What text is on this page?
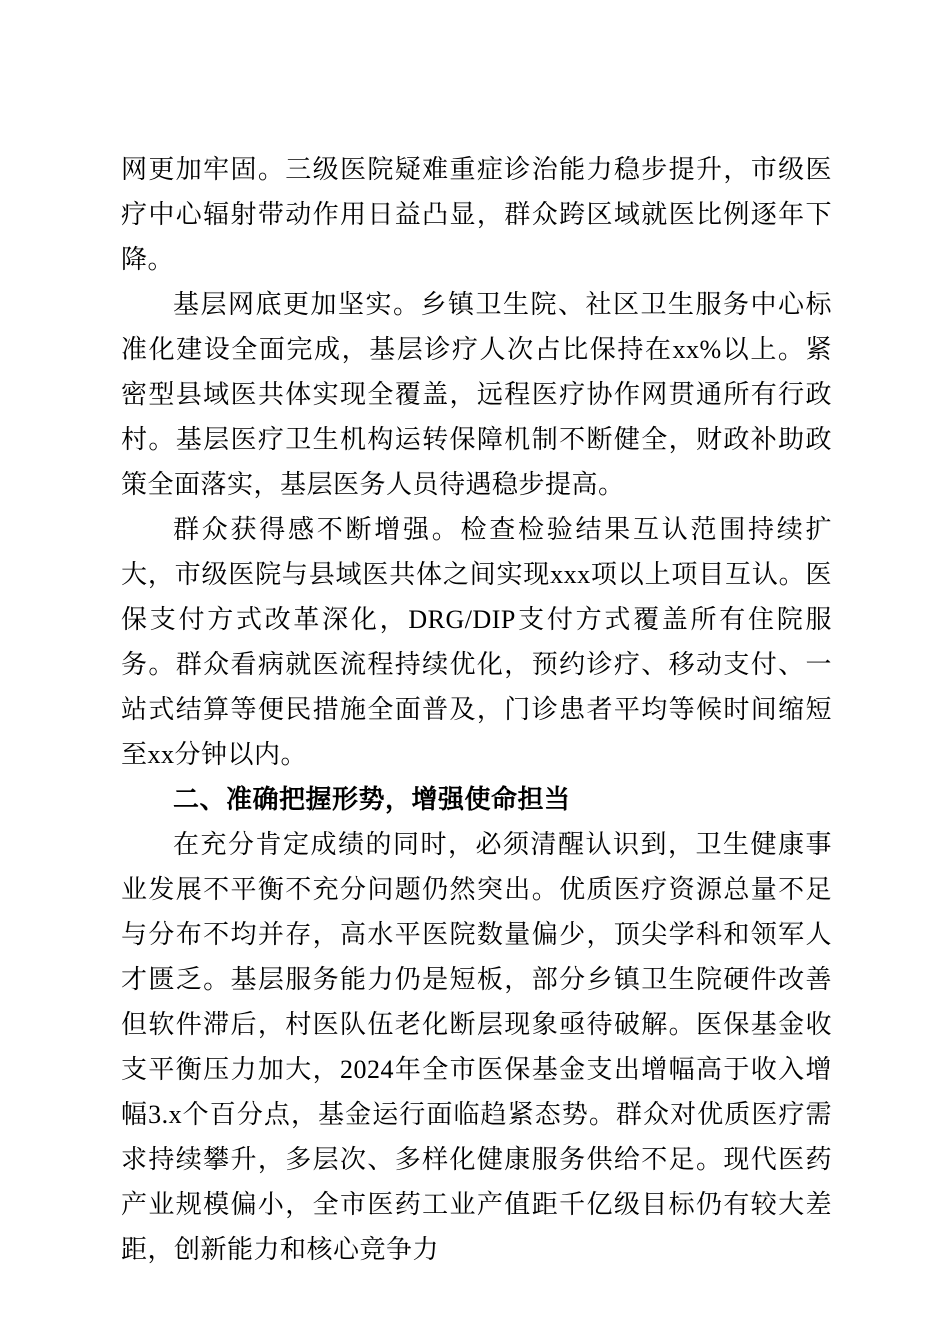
网更加牢固。三级医院疑难重症诊治能力稳步提升，市级医疗中心辐射带动作用日益凸显，群众跨区域就医比例逐年下降。

基层网底更加坚实。乡镇卫生院、社区卫生服务中心标准化建设全面完成，基层诊疗人次占比保持在xx%以上。紧密型县域医共体实现全覆盖，远程医疗协作网贯通所有行政村。基层医疗卫生机构运转保障机制不断健全，财政补助政策全面落实，基层医务人员待遇稳步提高。

群众获得感不断增强。检查检验结果互认范围持续扩大，市级医院与县域医共体之间实现xxx项以上项目互认。医保支付方式改革深化，DRG/DIP支付方式覆盖所有住院服务。群众看病就医流程持续优化，预约诊疗、移动支付、一站式结算等便民措施全面普及，门诊患者平均等候时间缩短至xx分钟以内。

二、准确把握形势，增强使命担当

在充分肯定成绩的同时，必须清醒认识到，卫生健康事业发展不平衡不充分问题仍然突出。优质医疗资源总量不足与分布不均并存，高水平医院数量偏少，顶尖学科和领军人才匮乏。基层服务能力仍是短板，部分乡镇卫生院硬件改善但软件滞后，村医队伍老化断层现象亟待破解。医保基金收支平衡压力加大，2024年全市医保基金支出增幅高于收入增幅3.x个百分点，基金运行面临趋紧态势。群众对优质医疗需求持续攀升，多层次、多样化健康服务供给不足。现代医药产业规模偏小，全市医药工业产值距千亿级目标仍有较大差距，创新能力和核心竞争力
